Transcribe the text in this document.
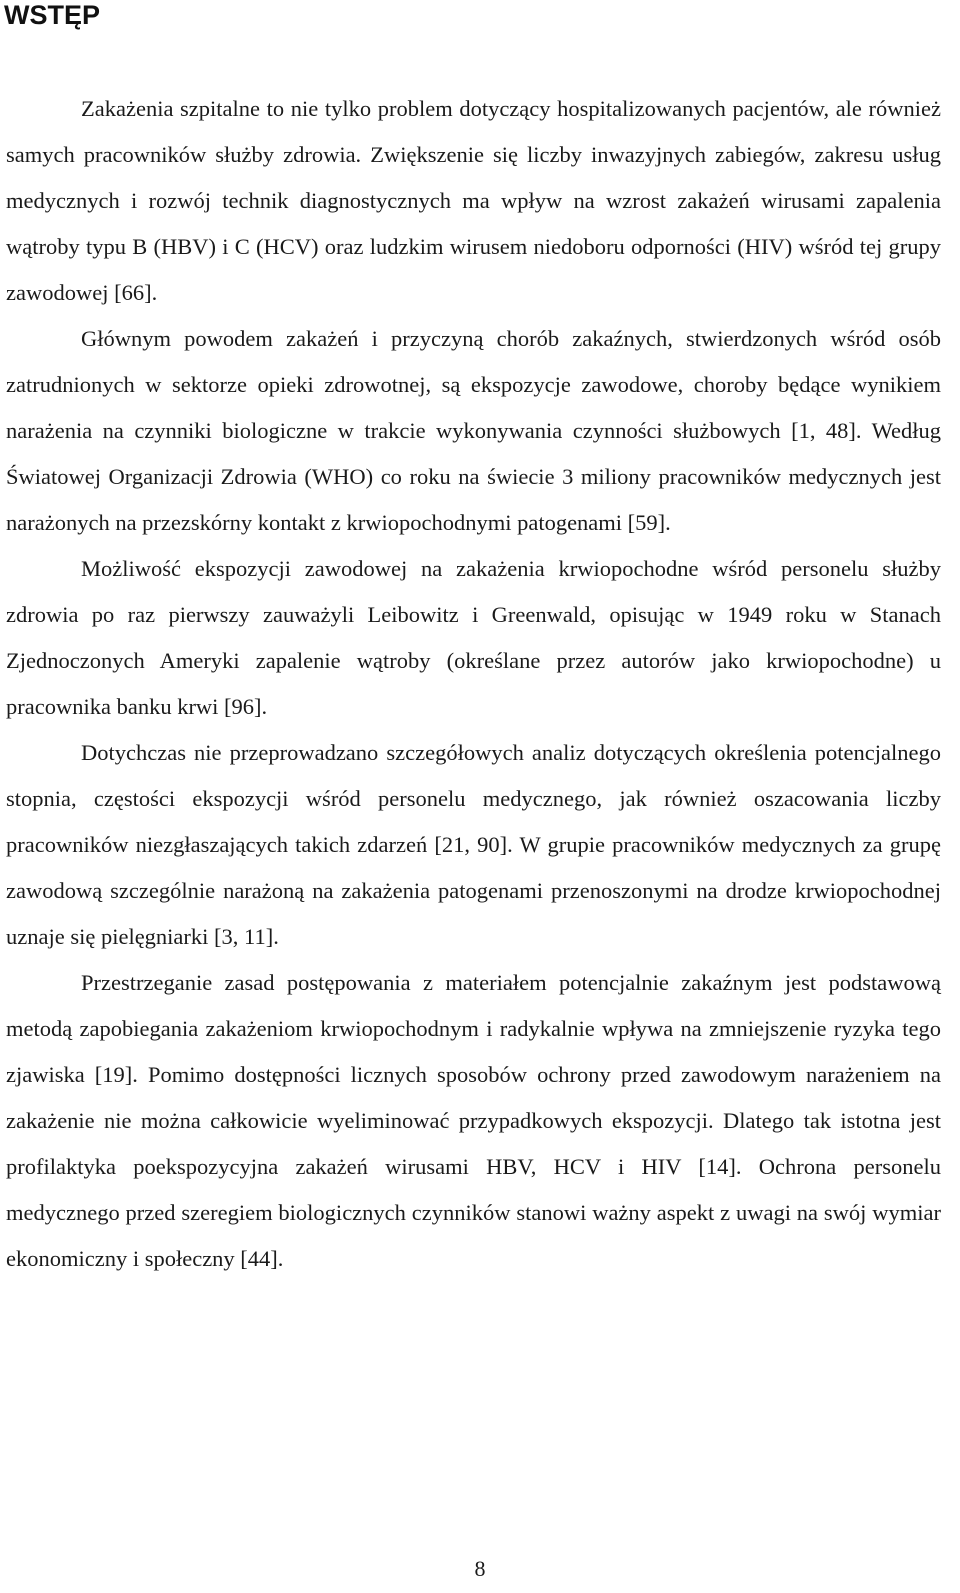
WSTĘP

Zakażenia szpitalne to nie tylko problem dotyczący hospitalizowanych pacjentów, ale również samych pracowników służby zdrowia. Zwiększenie się liczby inwazyjnych zabiegów, zakresu usług medycznych i rozwój technik diagnostycznych ma wpływ na wzrost zakażeń wirusami zapalenia wątroby typu B (HBV) i C (HCV) oraz ludzkim wirusem niedoboru odporności (HIV) wśród tej grupy zawodowej [66].

Głównym powodem zakażeń i przyczyną chorób zakaźnych, stwierdzonych wśród osób zatrudnionych w sektorze opieki zdrowotnej, są ekspozycje zawodowe, choroby będące wynikiem narażenia na czynniki biologiczne w trakcie wykonywania czynności służbowych [1, 48]. Według Światowej Organizacji Zdrowia (WHO) co roku na świecie 3 miliony pracowników medycznych jest narażonych na przezskórny kontakt z krwiopochodnymi patogenami [59].

Możliwość ekspozycji zawodowej na zakażenia krwiopochodne wśród personelu służby zdrowia po raz pierwszy zauważyli Leibowitz i Greenwald, opisując w 1949 roku w Stanach Zjednoczonych Ameryki zapalenie wątroby (określane przez autorów jako krwiopochodne) u pracownika banku krwi [96].

Dotychczas nie przeprowadzano szczegółowych analiz dotyczących określenia potencjalnego stopnia, częstości ekspozycji wśród personelu medycznego, jak również oszacowania liczby pracowników niezgłaszających takich zdarzeń [21, 90]. W grupie pracowników medycznych za grupę zawodową szczególnie narażoną na zakażenia patogenami przenoszonymi na drodze krwiopochodnej uznaje się pielęgniarki [3, 11].

Przestrzeganie zasad postępowania z materiałem potencjalnie zakaźnym jest podstawową metodą zapobiegania zakażeniom krwiopochodnym i radykalnie wpływa na zmniejszenie ryzyka tego zjawiska [19]. Pomimo dostępności licznych sposobów ochrony przed zawodowym narażeniem na zakażenie nie można całkowicie wyeliminować przypadkowych ekspozycji. Dlatego tak istotna jest profilaktyka poekspozycyjna zakażeń wirusami HBV, HCV i HIV [14]. Ochrona personelu medycznego przed szeregiem biologicznych czynników stanowi ważny aspekt z uwagi na swój wymiar ekonomiczny i społeczny [44].

8
